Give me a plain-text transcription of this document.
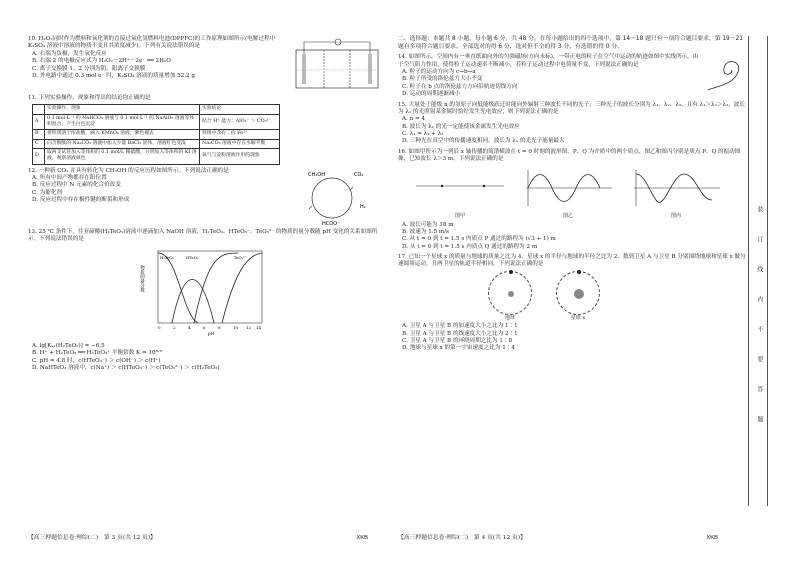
10. H₂O₂同时作为燃料和氧化剂的直接过氧化氢燃料电池(DPPFC)的工作原理如图所示(电解过程中 K₂SO₄ 溶液中溶液的物质不变且其浓度减少)。下列有关说法错误的是
A. 右端为负极，发生氧化反应
B. 右端 2 的电极反应式为 H₂O₂－2H⁺－2e⁻ ══ 2H₂O
C. 离子交换膜 1、2 分别为阴、阳离子交换膜
D. 外电路中通过 0.3 mol e⁻ 时，K₂SO₄ 溶液的质量增加 52.2 g
11. 下列实验操作、现象和得出的结论均正确的是
	实验操作、现象	实验结论
A	0.1 mol·L⁻¹ 的 NaHCO₃ 溶液与 0.1 mol·L⁻¹ 的 NaAlO₂ 溶液等体积混合，产生白色沉淀	结合 H⁺ 能力：AlO₂⁻ ＞ CO₃²⁻
B	将铁锈溶于浓盐酸，滴入 KMnO₄ 溶液，紫色褪去	铁锈中含有二价 Fe²⁺
C	向含酚酞的 Na₂CO₃ 溶液中加入少量 BaCl₂ 固体，溶液红色变浅	Na₂CO₃ 溶液中存在水解平衡
D	取两支试管加入等体积的 0.1 mol/L 稀硫酸，分别加入等体积的 KI 溶液，观察溶液颜色	氧气与淀粉溶液作用的现象
12. 一种新 CO₂ 并具有转化为 CH₃OH 的反应历程如图所示。下列说法正确的是
A. 所有中间产物都存在阳位置
B. 反应过程中 N 元素的化合价改变
C. 为催化剂
D. 反应过程中存在极性键的断裂和形成
CH₃OH	CO₂
H₂
HCOO⁻
13. 25 ℃ 条件下，往亚碲酸(H₂TeO₃)溶液中逐滴加入 NaOH 溶液，H₂TeO₃、HTeO₃⁻、TeO₃²⁻ 的物质的量分数随 pH 变化的关系如图所示。下列说法错误的是
物质的量分数
pH
0	2	4	6	8	10 12 14
H₂TeO₃	HTeO₃⁻	TeO₃²⁻
A. lg[Kₐ₁(H₂TeO₃)] = −6.5
B. H⁺ + H₂TeO₃ ══ H₃TeO₃⁺ 平衡常数 K = 10⁸·⁸
C. pH = 4.8 时，c(HTeO₃⁻) ＞ c(OH⁻) ＞ c(H⁺)
D. NaHTeO₃ 溶液中，c(Na⁺) ＞ c(HTeO₃⁻) ＞ c(TeO₃²⁻) ＞ c(H₂TeO₃)
【高三押题信息卷·理综(二)　第 3 页(共 12 页)】	XKB
二、选择题：本题共 8 小题，每小题 6 分，共 48 分。在每小题给出的四个选项中，第 14～18 题只有一项符合题目要求，第 19～21 题有多项符合题目要求。全部选对的得 6 分，选对但不全的得 3 分，有选错的得 0 分。
14. 如图所示，空间内有一垂直纸面向外的匀强磁场(方向未标)，一带正电的粒子在空气中运动的轨迹如图中实线所示，由于空气阻力作用，使得粒子运动速率不断减小，若粒子运动过程中电荷量不变，下列说法正确的是
A. 粒子的运动方向为 c→b→a
B. 粒子所受的洛伦兹力大小不变
C. 粒子在 b 点的洛伦兹力方向沿轨迹切线方向
D. 运动的周期逐渐减小
15. 大量处于能级 n 的氢原子向低能级跃迁时能向外辐射三种波长不同的光子，三种光子的波长分别为 λ₁、λ₂、λ₃，且有 λ₁＞λ₂＞λ₃，波长为 λ₁ 的光照射某金属时恰好发生光电效应，则下列说法正确的是
A. n = 4
B. 波长为 λ₁ 的光一定能使该金属发生光电效应
C. λ₁ = λ₂ + λ₃
D. 三种光在真空中的传播速度相同，波长为 λ₁ 的光光子能量最大
16. 如图甲所示为一列沿 x 轴传播的简谐横波在 t = 0 时刻的波形图，P、Q 为介质中的两个质点，图乙和图丙分别是质点 P、Q 的振动图像，已知波长 λ＞3 m，下列说法正确的是
图甲	图乙	图丙
A. 波长可能为 18 m
B. 波速为 1.5 m/s
C. 从 t = 0 到 t = 1.5 s 内质点 P 通过的路程为 (√3 + 1) m
D. 从 t = 0 到 t = 1.5 s 内质点 Q 通过的路程为 2 m
17. 已知一个星球 x 的质量与地球的质量之比为 4，星球 x 的半径与地球的半径之比为 2，数到卫星 A 与卫星 B 分别围绕地球和星球 x 做匀速圆周运动，且两卫星的轨道半径相同，下列说法正确的是
地球	星球 x
A. 卫星 A 与卫星 B 的加速度大小之比为 1∶1
B. 卫星 A 与卫星 B 的线速度大小之比为 2∶1
C. 卫星 A 与卫星 B 的环绕周期之比为 1∶8
D. 地球与星球 x 的第一宇宙速度之比为 1∶4
【高三押题信息卷·理综(二)　第 4 页(共 12 页)】	XKB
装
订
线
内
不
要
答
题
